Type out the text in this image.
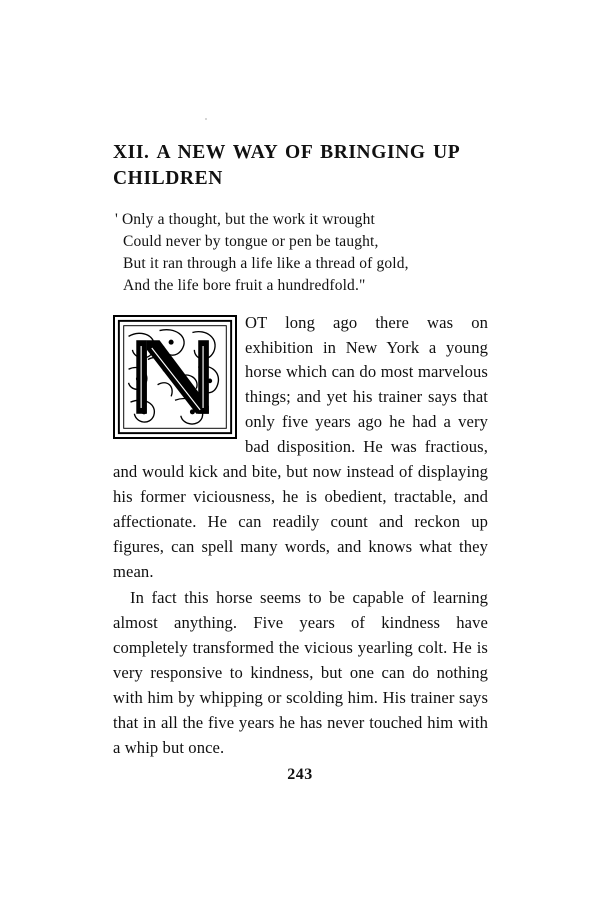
XII. A NEW WAY OF BRINGING UP CHILDREN
' Only a thought, but the work it wrought
Could never by tongue or pen be taught,
But it ran through a life like a thread of gold,
And the life bore fruit a hundredfold."

OT long ago there was on exhibition in New York a young horse which can do most marvelous things; and yet his trainer says that only five years ago he had a very bad disposition. He was fractious, and would kick and bite, but now instead of displaying his former viciousness, he is obedient, tractable, and affectionate. He can readily count and reckon up figures, can spell many words, and knows what they mean.

In fact this horse seems to be capable of learning almost anything. Five years of kindness have completely transformed the vicious yearling colt. He is very responsive to kindness, but one can do nothing with him by whipping or scolding him. His trainer says that in all the five years he has never touched him with a whip but once.

243
